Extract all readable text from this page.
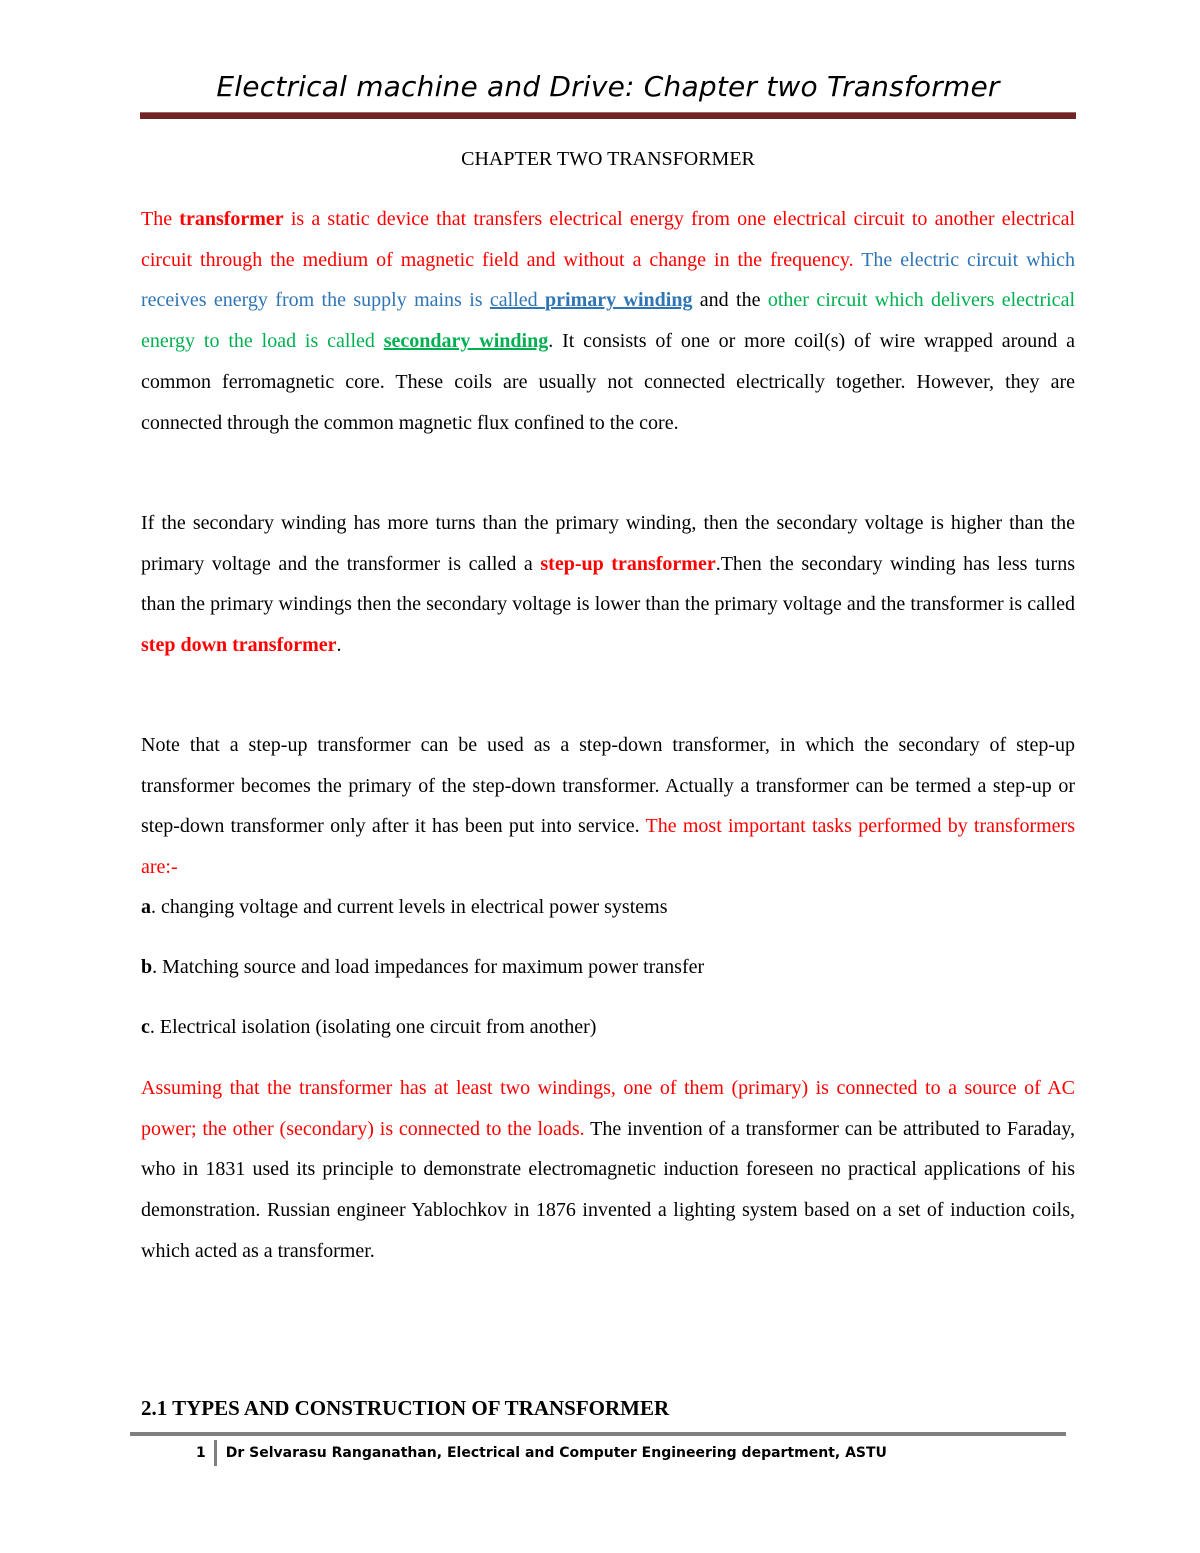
Electrical machine and Drive: Chapter two Transformer
CHAPTER TWO TRANSFORMER

The transformer is a static device that transfers electrical energy from one electrical circuit to another electrical circuit through the medium of magnetic field and without a change in the frequency. The electric circuit which receives energy from the supply mains is called primary winding and the other circuit which delivers electrical energy to the load is called secondary winding. It consists of one or more coil(s) of wire wrapped around a common ferromagnetic core. These coils are usually not connected electrically together. However, they are connected through the common magnetic flux confined to the core.

If the secondary winding has more turns than the primary winding, then the secondary voltage is higher than the primary voltage and the transformer is called a step-up transformer.Then the secondary winding has less turns than the primary windings then the secondary voltage is lower than the primary voltage and the transformer is called step down transformer.

Note that a step-up transformer can be used as a step-down transformer, in which the secondary of step-up transformer becomes the primary of the step-down transformer. Actually a transformer can be termed a step-up or step-down transformer only after it has been put into service. The most important tasks performed by transformers are:-

a. changing voltage and current levels in electrical power systems

b. Matching source and load impedances for maximum power transfer

c. Electrical isolation (isolating one circuit from another)

Assuming that the transformer has at least two windings, one of them (primary) is connected to a source of AC power; the other (secondary) is connected to the loads. The invention of a transformer can be attributed to Faraday, who in 1831 used its principle to demonstrate electromagnetic induction foreseen no practical applications of his demonstration. Russian engineer Yablochkov in 1876 invented a lighting system based on a set of induction coils, which acted as a transformer.

2.1 TYPES AND CONSTRUCTION OF TRANSFORMER
1	Dr Selvarasu Ranganathan, Electrical and Computer Engineering department, ASTU
